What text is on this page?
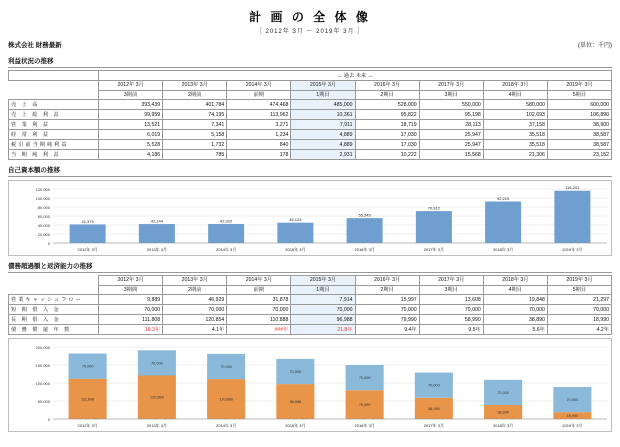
計 画 の 全 体 像
［ 2012年 3月 ～ 2019年 3月 ］
株式会社 財務最新	(単位：千円)
利益状況の推移
	← 過去 未来 →							
	2012年 3月	2013年 3月	2014年 3月	2015年 3月	2016年 3月	2017年 3月	2018年 3月	2019年 3月
	3期前	2期前	前期	1期目	2期目	3期目	4期目	5期目
売 上 高	393,439	401,784	474,468	485,000	528,000	550,000	580,000	600,000
売 上 総 利 益	99,959	74,195	113,962	10,361	95,822	95,198	102,693	106,890
営 業 利 益	13,521	7,341	3,271	7,911	18,719	28,113	37,158	38,900
経 常 利 益	6,019	5,158	1,234	4,889	17,030	25,947	35,518	38,587
税引前当期純利益	5,528	1,732	840	4,889	17,030	25,947	35,518	38,587
当 期 純 利 益	4,186	785	178	2,931	10,222	15,568	21,306	23,152
自己資本額の推移
0
20,000
40,000
60,000
80,000
100,000
120,000
41,379
2012年 3月
42,144
2013年 3月
42,322
2014年 3月
45,123
2015年 3月
55,245
2016年 3月
70,912
2017年 3月
92,219
2018年 3月
116,201
2019年 3月
債務超過額と返済能力の推移
	2012年 3月	2013年 3月	2014年 3月	2015年 3月	2016年 3月	2017年 3月	2018年 3月	2019年 3月
	3期間	2期前	前期	1期目	2期目	3期目	4期目	5期目
営業キャッシュフロー	9,889	46,929	31,878	7,914	15,997	13,608	19,848	21,297
短 期 借 入 金	70,000	70,000	70,000	70,000	70,000	70,000	70,000	70,000
長 期 借 入 金	111,808	120,854	110,888	96,988	79,990	58,990	38,890	18,990
債 務 償 還 年 数	18.3年	4.1年	###年	21.8年	9.4年	9.5年	5.6年	4.2年
0
50,000
100,000
150,000
200,000
111,808
70,000
2012年 3月
120,854
70,000
2013年 3月
110,888
70,000
2014年 3月
96,988
70,000
2015年 3月
79,990
70,000
2016年 3月
58,990
70,000
2017年 3月
38,890
70,000
2018年 3月
18,990
70,000
2019年 3月
